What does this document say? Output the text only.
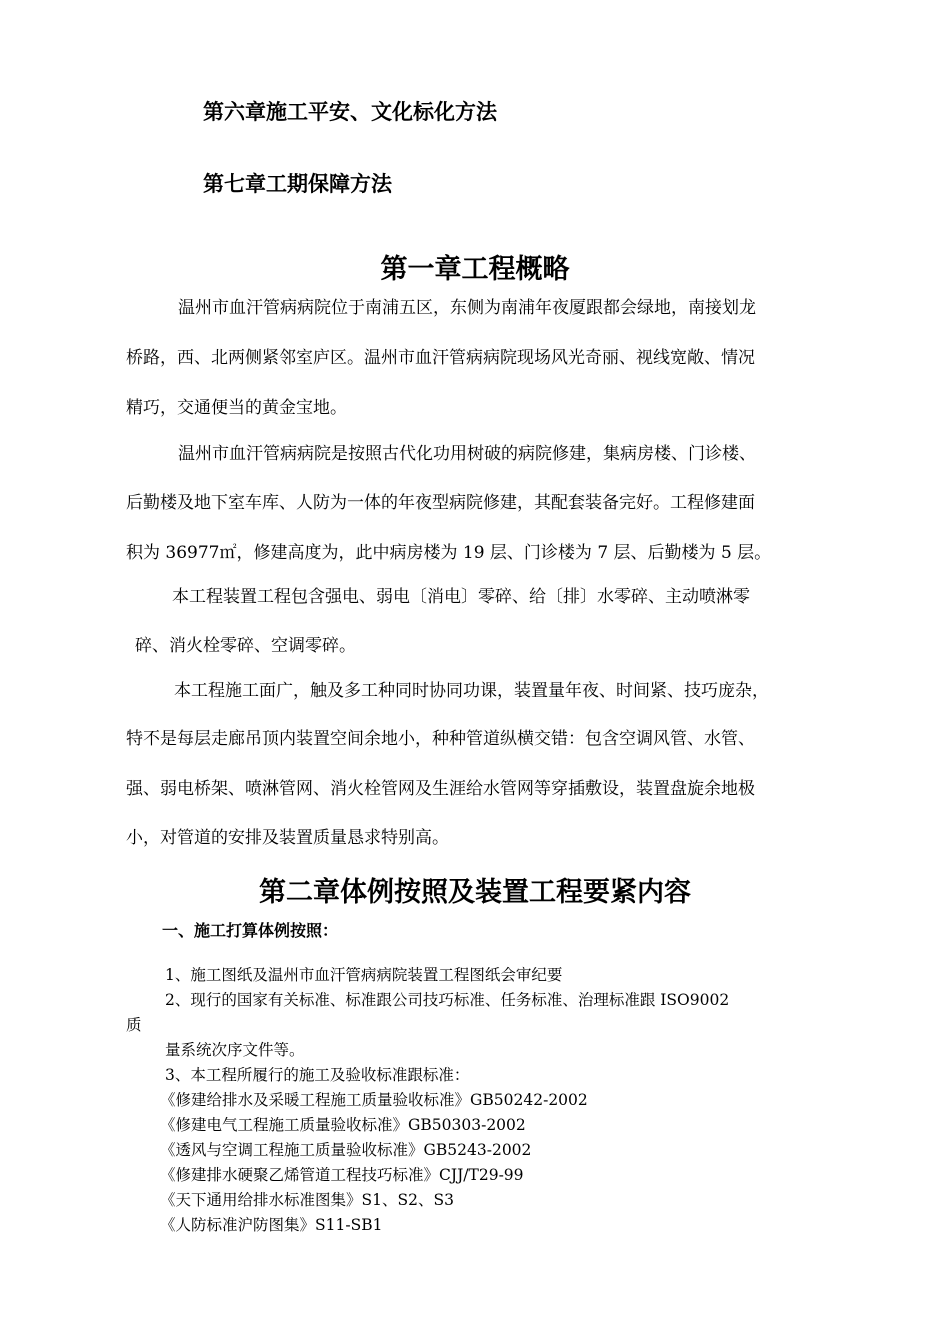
第六章施工平安、文化标化方法
第七章工期保障方法
第一章工程概略
温州市血汗管病病院位于南浦五区，东侧为南浦年夜厦跟都会绿地，南接划龙
桥路，西、北两侧紧邻室庐区。温州市血汗管病病院现场风光奇丽、视线宽敞、情况
精巧，交通便当的黄金宝地。
温州市血汗管病病院是按照古代化功用树破的病院修建，集病房楼、门诊楼、
后勤楼及地下室车库、人防为一体的年夜型病院修建，其配套装备完好。工程修建面
积为 36977㎡，修建高度为，此中病房楼为 19 层、门诊楼为 7 层、后勤楼为 5 层。
本工程装置工程包含强电、弱电〔消电〕零碎、给〔排〕水零碎、主动喷淋零
碎、消火栓零碎、空调零碎。
本工程施工面广，触及多工种同时协同功课，装置量年夜、时间紧、技巧庞杂，
特不是每层走廊吊顶内装置空间余地小，种种管道纵横交错：包含空调风管、水管、
强、弱电桥架、喷淋管网、消火栓管网及生涯给水管网等穿插敷设，装置盘旋余地极
小，对管道的安排及装置质量恳求特别高。
第二章体例按照及装置工程要紧内容
一、施工打算体例按照：
1、施工图纸及温州市血汗管病病院装置工程图纸会审纪要
2、现行的国家有关标准、标准跟公司技巧标准、任务标准、治理标准跟 ISO9002
质
量系统次序文件等。
3、本工程所履行的施工及验收标准跟标准：
《修建给排水及采暖工程施工质量验收标准》GB50242-2002
《修建电气工程施工质量验收标准》GB50303-2002
《透风与空调工程施工质量验收标准》GB5243-2002
《修建排水硬聚乙烯管道工程技巧标准》CJJ/T29-99
《天下通用给排水标准图集》S1、S2、S3
《人防标准沪防图集》S11-SB1
